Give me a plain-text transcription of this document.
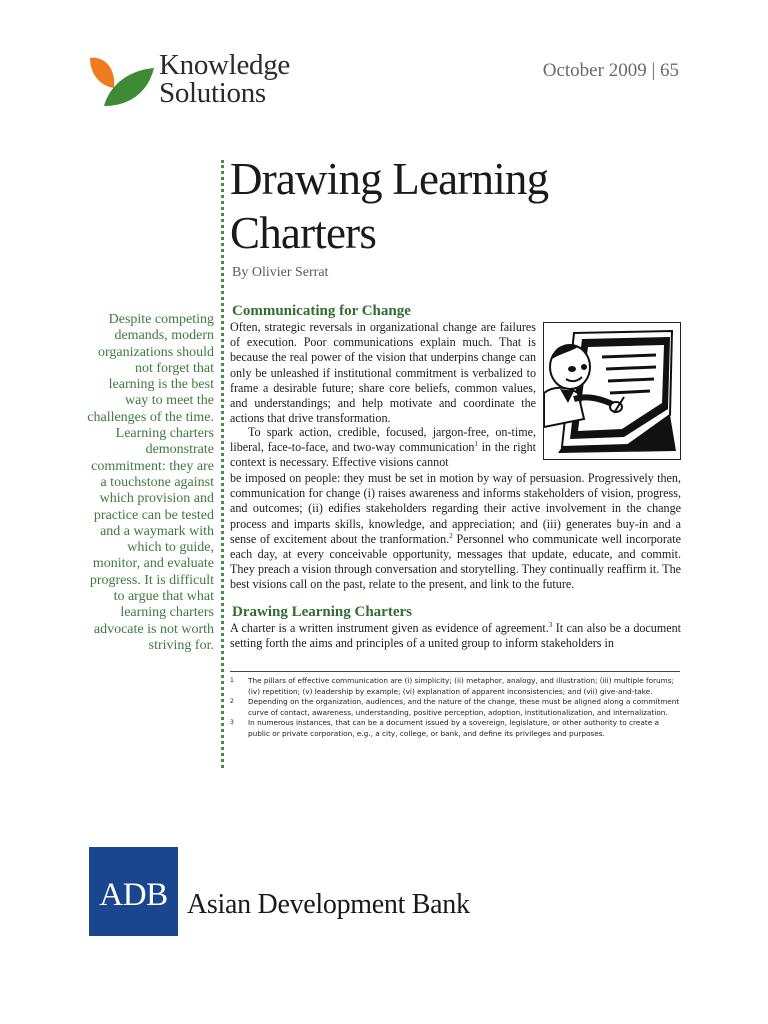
Knowledge
Solutions
October 2009 | 65
Drawing Learning Charters
By Olivier Serrat
Despite competing demands, modern organizations should not forget that learning is the best way to meet the challenges of the time. Learning charters demonstrate commitment: they are a touchstone against which provision and practice can be tested and a waymark with which to guide, monitor, and evaluate progress. It is difficult to argue that what learning charters advocate is not worth striving for.
Communicating for Change
Often, strategic reversals in organizational change are failures of execution. Poor communications explain much. That is because the real power of the vision that underpins change can only be unleashed if institutional commitment is verbalized to frame a desirable future; share core beliefs, common values, and understandings; and help motivate and coordinate the actions that drive transformation.
To spark action, credible, focused, jargon-free, on-time, liberal, face-to-face, and two-way communication$^1$ in the right context is necessary. Effective visions cannot
be imposed on people: they must be set in motion by way of persuasion. Progressively then, communication for change (i) raises awareness and informs stakeholders of vision, progress, and outcomes; (ii) edifies stakeholders regarding their active involvement in the change process and imparts skills, knowledge, and appreciation; and (iii) generates buy-in and a sense of excitement about the tranformation.$^2$ Personnel who communicate well incorporate each day, at every conceivable opportunity, messages that update, educate, and commit. They preach a vision through conversation and storytelling. They continually reaffirm it. The best visions call on the past, relate to the present, and link to the future.
Drawing Learning Charters
A charter is a written instrument given as evidence of agreement.$^3$ It can also be a document setting forth the aims and principles of a united group to inform stakeholders in
1	The pillars of effective communication are (i) simplicity; (ii) metaphor, analogy, and illustration; (iii) multiple forums; (iv) repetition; (v) leadership by example; (vi) explanation of apparent inconsistencies; and (vii) give-and-take.
2	Depending on the organization, audiences, and the nature of the change, these must be aligned along a commitment curve of contact, awareness, understanding, positive perception, adoption, institutionalization, and internalization.
3	In numerous instances, that can be a document issued by a sovereign, legislature, or other authority to create a public or private corporation, e.g., a city, college, or bank, and define its privileges and purposes.
ADB Asian Development Bank
